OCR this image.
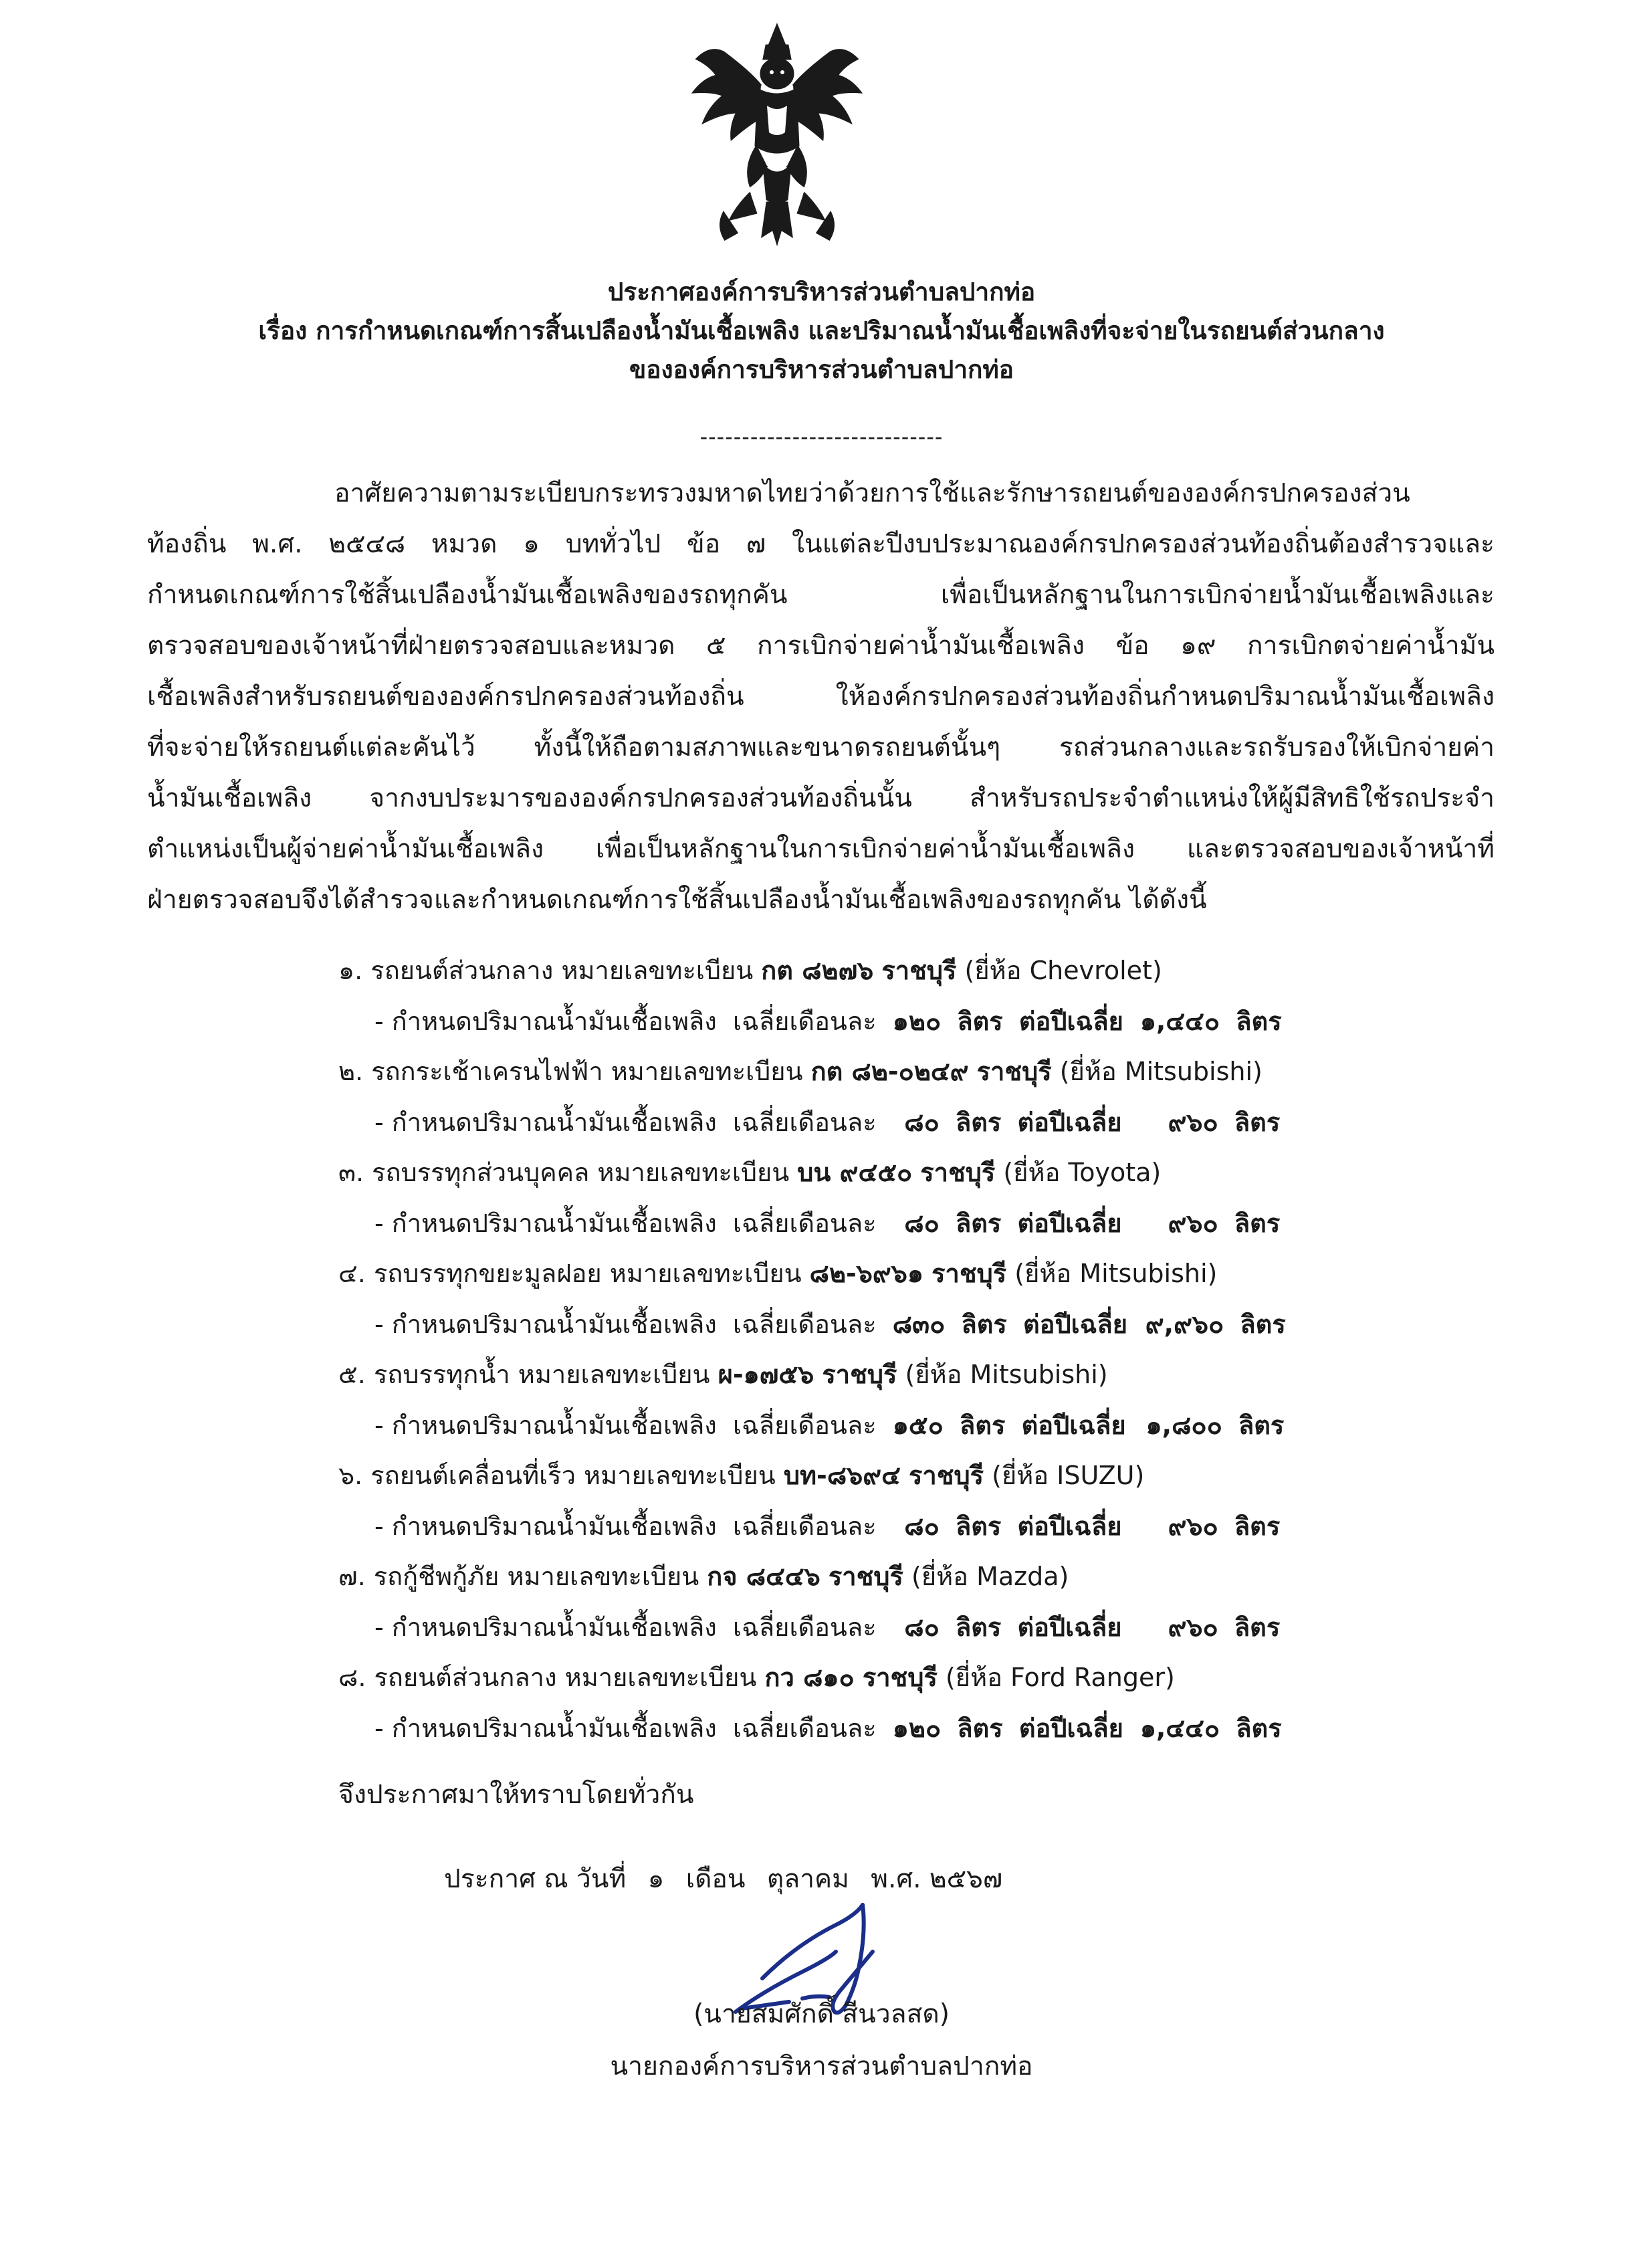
ประกาศองค์การบริหารส่วนตำบลปากท่อ
เรื่อง การกำหนดเกณฑ์การสิ้นเปลืองน้ำมันเชื้อเพลิง และปริมาณน้ำมันเชื้อเพลิงที่จะจ่ายในรถยนต์ส่วนกลาง
ขององค์การบริหารส่วนตำบลปากท่อ
-----------------------------
อาศัยความตามระเบียบกระทรวงมหาดไทยว่าด้วยการใช้และรักษารถยนต์ขององค์กรปกครองส่วน
ท้องถิ่น พ.ศ. ๒๕๔๘ หมวด ๑ บททั่วไป ข้อ ๗ ในแต่ละปีงบประมาณองค์กรปกครองส่วนท้องถิ่นต้องสำรวจและ
กำหนดเกณฑ์การใช้สิ้นเปลืองน้ำมันเชื้อเพลิงของรถทุกคัน เพื่อเป็นหลักฐานในการเบิกจ่ายน้ำมันเชื้อเพลิงและ
ตรวจสอบของเจ้าหน้าที่ฝ่ายตรวจสอบและหมวด ๕ การเบิกจ่ายค่าน้ำมันเชื้อเพลิง ข้อ ๑๙ การเบิกตจ่ายค่าน้ำมัน
เชื้อเพลิงสำหรับรถยนต์ขององค์กรปกครองส่วนท้องถิ่น ให้องค์กรปกครองส่วนท้องถิ่นกำหนดปริมาณน้ำมันเชื้อเพลิง
ที่จะจ่ายให้รถยนต์แต่ละคันไว้ ทั้งนี้ให้ถือตามสภาพและขนาดรถยนต์นั้นๆ รถส่วนกลางและรถรับรองให้เบิกจ่ายค่า
น้ำมันเชื้อเพลิง จากงบประมารขององค์กรปกครองส่วนท้องถิ่นนั้น สำหรับรถประจำตำแหน่งให้ผู้มีสิทธิใช้รถประจำ
ตำแหน่งเป็นผู้จ่ายค่าน้ำมันเชื้อเพลิง เพื่อเป็นหลักฐานในการเบิกจ่ายค่าน้ำมันเชื้อเพลิง และตรวจสอบของเจ้าหน้าที่
ฝ่ายตรวจสอบจึงได้สำรวจและกำหนดเกณฑ์การใช้สิ้นเปลืองน้ำมันเชื้อเพลิงของรถทุกคัน ได้ดังนี้
๑. รถยนต์ส่วนกลาง หมายเลขทะเบียน กต ๘๒๗๖ ราชบุรี (ยี่ห้อ Chevrolet)
- กำหนดปริมาณน้ำมันเชื้อเพลิง เฉลี่ยเดือนละ ๑๒๐ ลิตร ต่อปีเฉลี่ย ๑,๔๔๐ ลิตร
๒. รถกระเช้าเครนไฟฟ้า หมายเลขทะเบียน กต ๘๒-๐๒๔๙ ราชบุรี (ยี่ห้อ Mitsubishi)
- กำหนดปริมาณน้ำมันเชื้อเพลิง เฉลี่ยเดือนละ ๘๐ ลิตร ต่อปีเฉลี่ย ๙๖๐ ลิตร
๓. รถบรรทุกส่วนบุคคล หมายเลขทะเบียน บน ๙๔๕๐ ราชบุรี (ยี่ห้อ Toyota)
- กำหนดปริมาณน้ำมันเชื้อเพลิง เฉลี่ยเดือนละ ๘๐ ลิตร ต่อปีเฉลี่ย ๙๖๐ ลิตร
๔. รถบรรทุกขยะมูลฝอย หมายเลขทะเบียน ๘๒-๖๙๖๑ ราชบุรี (ยี่ห้อ Mitsubishi)
- กำหนดปริมาณน้ำมันเชื้อเพลิง เฉลี่ยเดือนละ ๘๓๐ ลิตร ต่อปีเฉลี่ย ๙,๙๖๐ ลิตร
๕. รถบรรทุกน้ำ หมายเลขทะเบียน ผ-๑๗๕๖ ราชบุรี (ยี่ห้อ Mitsubishi)
- กำหนดปริมาณน้ำมันเชื้อเพลิง เฉลี่ยเดือนละ ๑๕๐ ลิตร ต่อปีเฉลี่ย ๑,๘๐๐ ลิตร
๖. รถยนต์เคลื่อนที่เร็ว หมายเลขทะเบียน บท-๘๖๙๔ ราชบุรี (ยี่ห้อ ISUZU)
- กำหนดปริมาณน้ำมันเชื้อเพลิง เฉลี่ยเดือนละ ๘๐ ลิตร ต่อปีเฉลี่ย ๙๖๐ ลิตร
๗. รถกู้ชีพกู้ภัย หมายเลขทะเบียน กจ ๘๔๔๖ ราชบุรี (ยี่ห้อ Mazda)
- กำหนดปริมาณน้ำมันเชื้อเพลิง เฉลี่ยเดือนละ ๘๐ ลิตร ต่อปีเฉลี่ย ๙๖๐ ลิตร
๘. รถยนต์ส่วนกลาง หมายเลขทะเบียน กว ๘๑๐ ราชบุรี (ยี่ห้อ Ford Ranger)
- กำหนดปริมาณน้ำมันเชื้อเพลิง เฉลี่ยเดือนละ ๑๒๐ ลิตร ต่อปีเฉลี่ย ๑,๔๔๐ ลิตร
จึงประกาศมาให้ทราบโดยทั่วกัน
ประกาศ ณ วันที่ ๑ เดือน ตุลาคม พ.ศ. ๒๕๖๗
(นายสมศักดิ์ สีนวลสด)
นายกองค์การบริหารส่วนตำบลปากท่อ
